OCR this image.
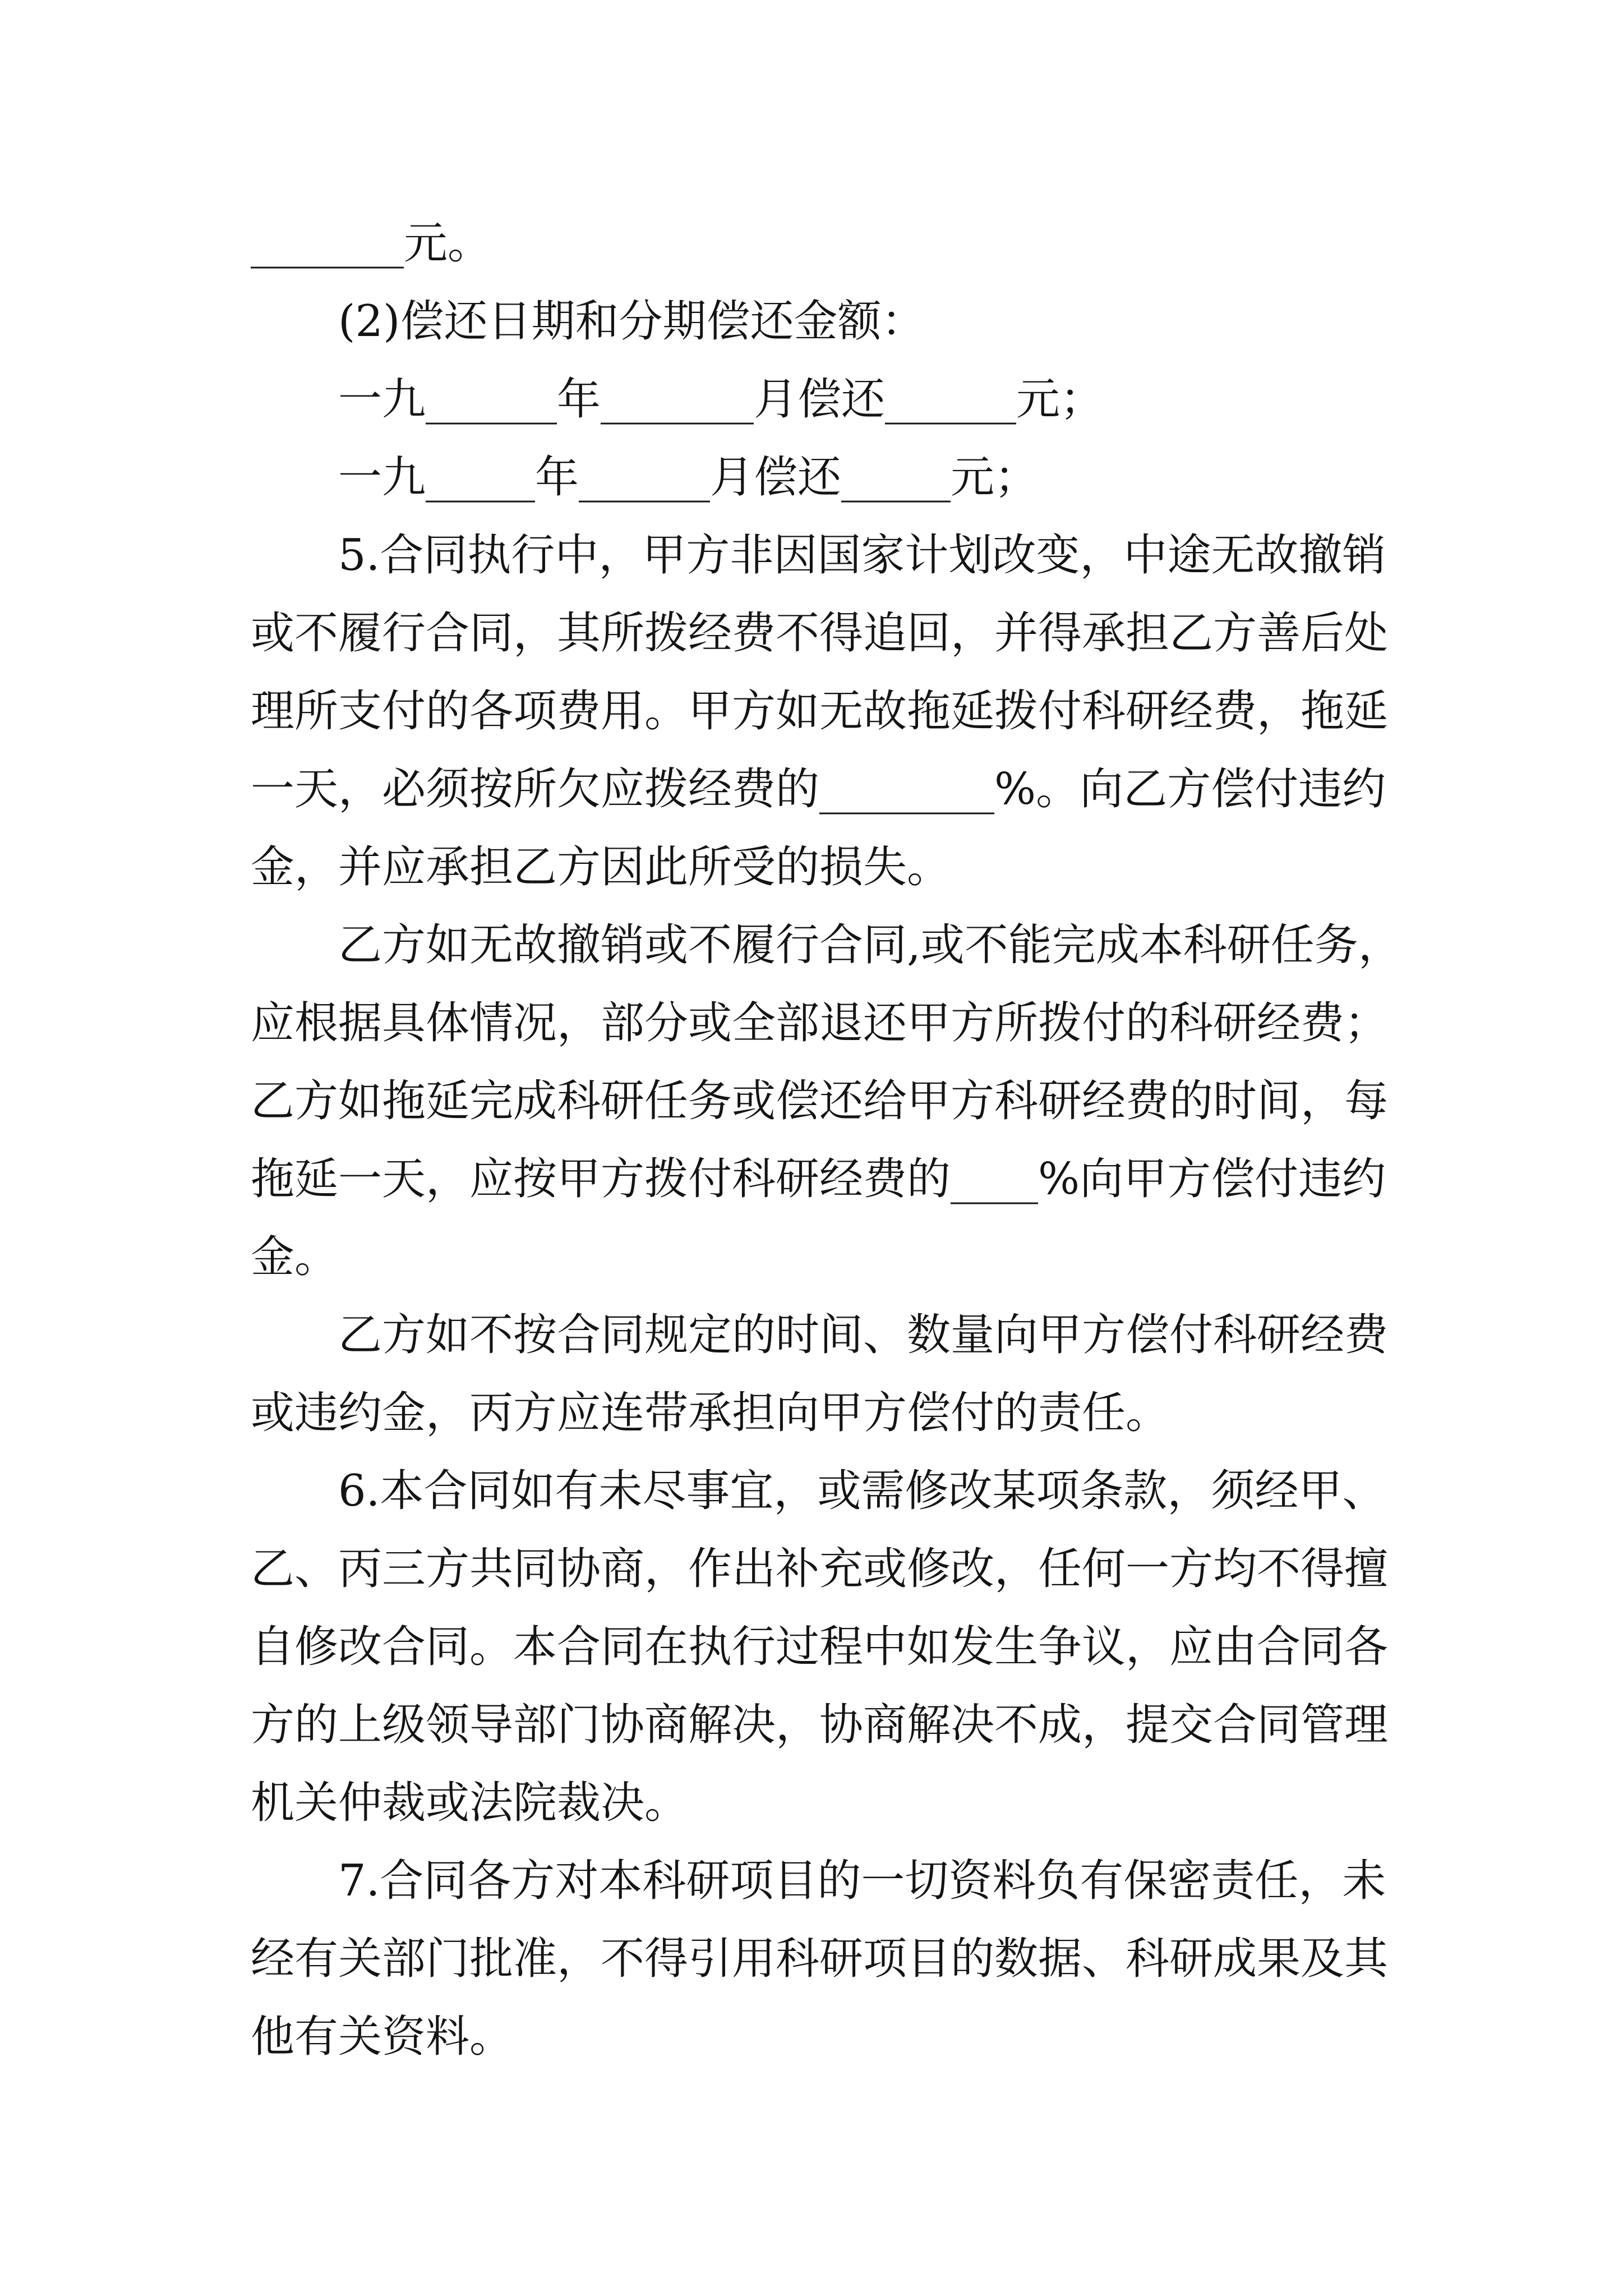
_______元。
(2)偿还日期和分期偿还金额：
一九______年_______月偿还______元；
一九_____年______月偿还_____元；
5.合同执行中，甲方非因国家计划改变，中途无故撤销
或不履行合同，其所拨经费不得追回，并得承担乙方善后处
理所支付的各项费用。甲方如无故拖延拨付科研经费，拖延
一天，必须按所欠应拨经费的________%。向乙方偿付违约
金，并应承担乙方因此所受的损失。
乙方如无故撤销或不履行合同,或不能完成本科研任务，
应根据具体情况，部分或全部退还甲方所拨付的科研经费；
乙方如拖延完成科研任务或偿还给甲方科研经费的时间，每
拖延一天，应按甲方拨付科研经费的____%向甲方偿付违约
金。
乙方如不按合同规定的时间、数量向甲方偿付科研经费
或违约金，丙方应连带承担向甲方偿付的责任。
6.本合同如有未尽事宜，或需修改某项条款，须经甲、
乙、丙三方共同协商，作出补充或修改，任何一方均不得擅
自修改合同。本合同在执行过程中如发生争议，应由合同各
方的上级领导部门协商解决，协商解决不成，提交合同管理
机关仲裁或法院裁决。
7.合同各方对本科研项目的一切资料负有保密责任，未
经有关部门批准，不得引用科研项目的数据、科研成果及其
他有关资料。
